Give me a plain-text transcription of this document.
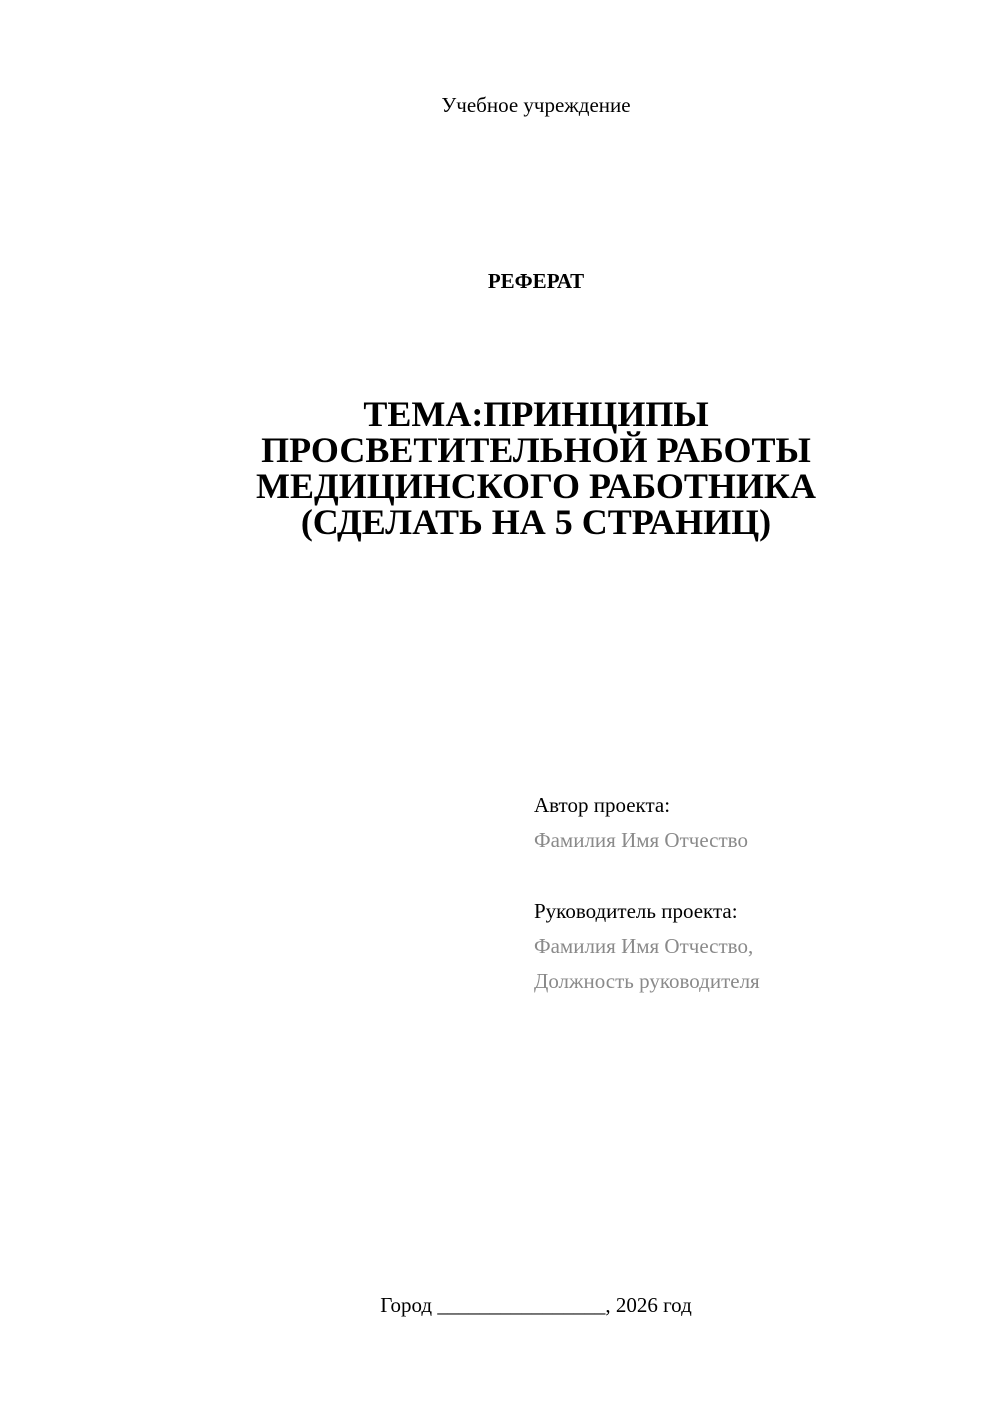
Учебное учреждение
РЕФЕРАТ
ТЕМА:ПРИНЦИПЫ
ПРОСВЕТИТЕЛЬНОЙ РАБОТЫ
МЕДИЦИНСКОГО РАБОТНИКА
(СДЕЛАТЬ НА 5 СТРАНИЦ)
Автор проекта:
Фамилия Имя Отчество
Руководитель проекта:
Фамилия Имя Отчество,
Должность руководителя
Город ________________, 2026 год
